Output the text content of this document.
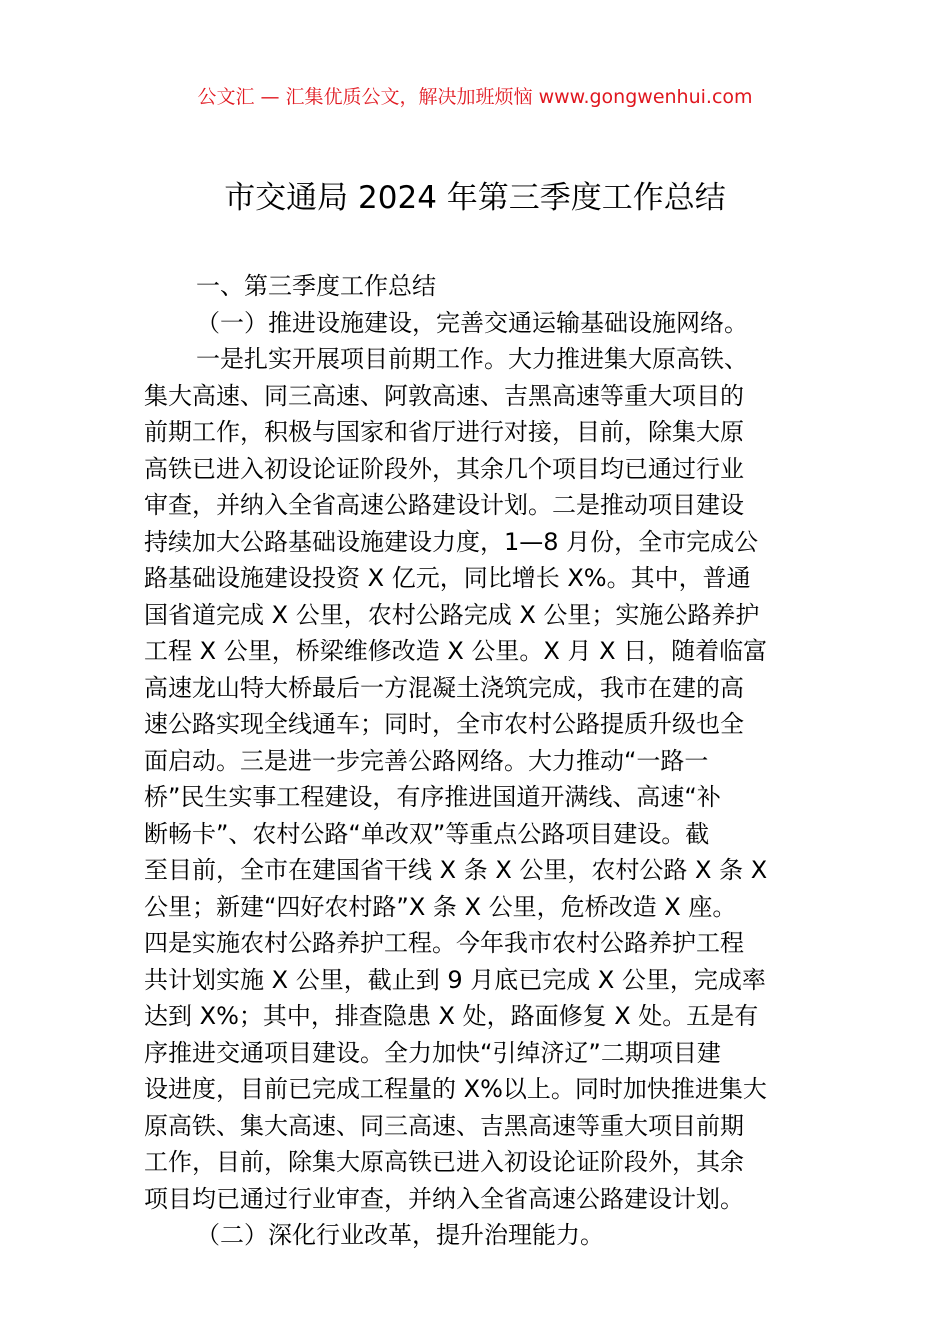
公文汇 — 汇集优质公文，解决加班烦恼 www.gongwenhui.com
市交通局 2024 年第三季度工作总结
一、第三季度工作总结
（一）推进设施建设，完善交通运输基础设施网络。
一是扎实开展项目前期工作。大力推进集大原高铁、
集大高速、同三高速、阿敦高速、吉黑高速等重大项目的
前期工作，积极与国家和省厅进行对接，目前，除集大原
高铁已进入初设论证阶段外，其余几个项目均已通过行业
审查，并纳入全省高速公路建设计划。二是推动项目建设
持续加大公路基础设施建设力度，1—8 月份，全市完成公
路基础设施建设投资 X 亿元，同比增长 X%。其中，普通
国省道完成 X 公里，农村公路完成 X 公里；实施公路养护
工程 X 公里，桥梁维修改造 X 公里。X 月 X 日，随着临富
高速龙山特大桥最后一方混凝土浇筑完成，我市在建的高
速公路实现全线通车；同时，全市农村公路提质升级也全
面启动。三是进一步完善公路网络。大力推动“一路一
桥”民生实事工程建设，有序推进国道开满线、高速“补
断畅卡”、农村公路“单改双”等重点公路项目建设。截
至目前，全市在建国省干线 X 条 X 公里，农村公路 X 条 X
公里；新建“四好农村路”X 条 X 公里，危桥改造 X 座。
四是实施农村公路养护工程。今年我市农村公路养护工程
共计划实施 X 公里，截止到 9 月底已完成 X 公里，完成率
达到 X%；其中，排查隐患 X 处，路面修复 X 处。五是有
序推进交通项目建设。全力加快“引绰济辽”二期项目建
设进度，目前已完成工程量的 X%以上。同时加快推进集大
原高铁、集大高速、同三高速、吉黑高速等重大项目前期
工作，目前，除集大原高铁已进入初设论证阶段外，其余
项目均已通过行业审查，并纳入全省高速公路建设计划。
（二）深化行业改革，提升治理能力。
